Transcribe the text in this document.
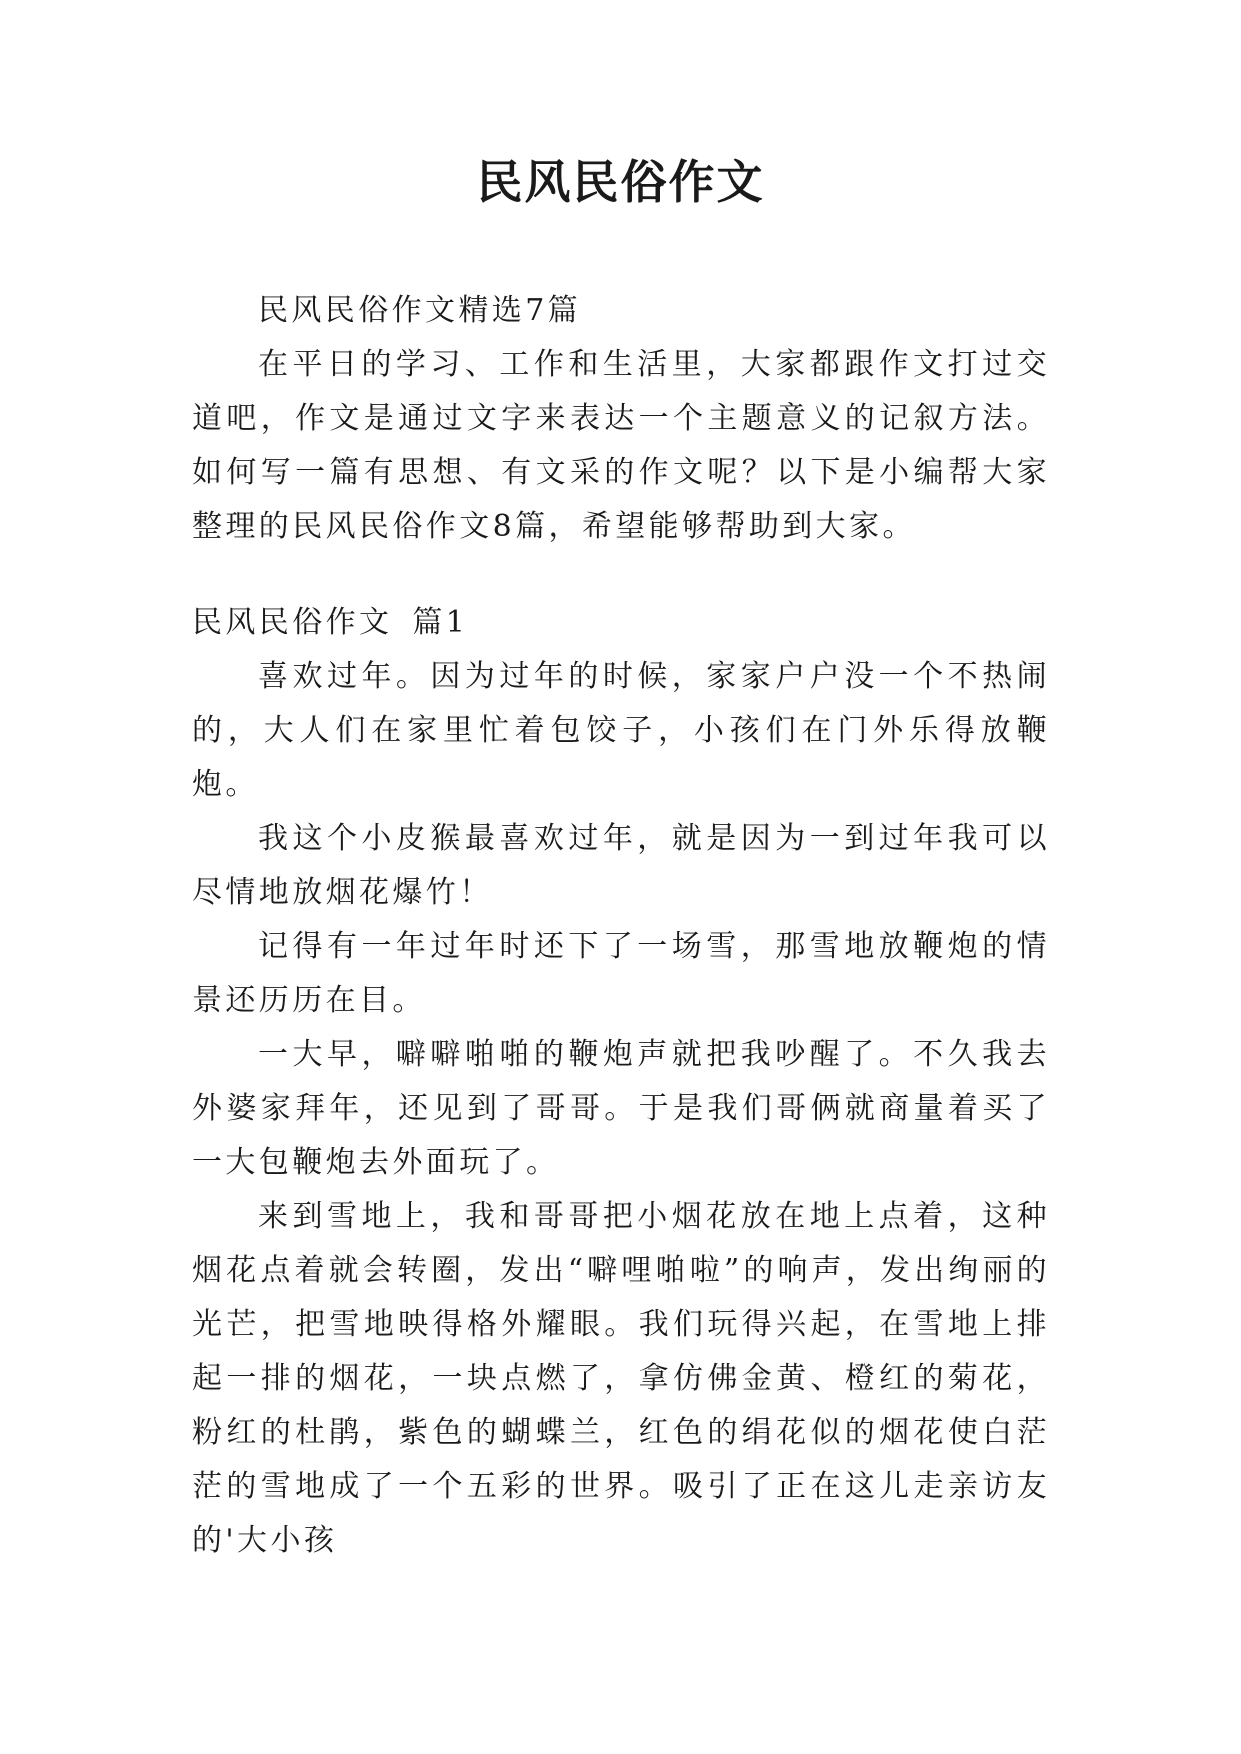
民风民俗作文

民风民俗作文精选7篇

在平日的学习、工作和生活里，大家都跟作文打过交道吧，作文是通过文字来表达一个主题意义的记叙方法。如何写一篇有思想、有文采的作文呢？以下是小编帮大家整理的民风民俗作文8篇，希望能够帮助到大家。

民风民俗作文 篇1

喜欢过年。因为过年的时候，家家户户没一个不热闹的，大人们在家里忙着包饺子，小孩们在门外乐得放鞭炮。

我这个小皮猴最喜欢过年，就是因为一到过年我可以尽情地放烟花爆竹！

记得有一年过年时还下了一场雪，那雪地放鞭炮的情景还历历在目。

一大早，噼噼啪啪的鞭炮声就把我吵醒了。不久我去外婆家拜年，还见到了哥哥。于是我们哥俩就商量着买了一大包鞭炮去外面玩了。

来到雪地上，我和哥哥把小烟花放在地上点着，这种烟花点着就会转圈，发出“噼哩啪啦”的响声，发出绚丽的光芒，把雪地映得格外耀眼。我们玩得兴起，在雪地上排起一排的烟花，一块点燃了，拿仿佛金黄、橙红的菊花，粉红的杜鹃，紫色的蝴蝶兰，红色的绢花似的烟花使白茫茫的雪地成了一个五彩的世界。吸引了正在这儿走亲访友的'大小孩
